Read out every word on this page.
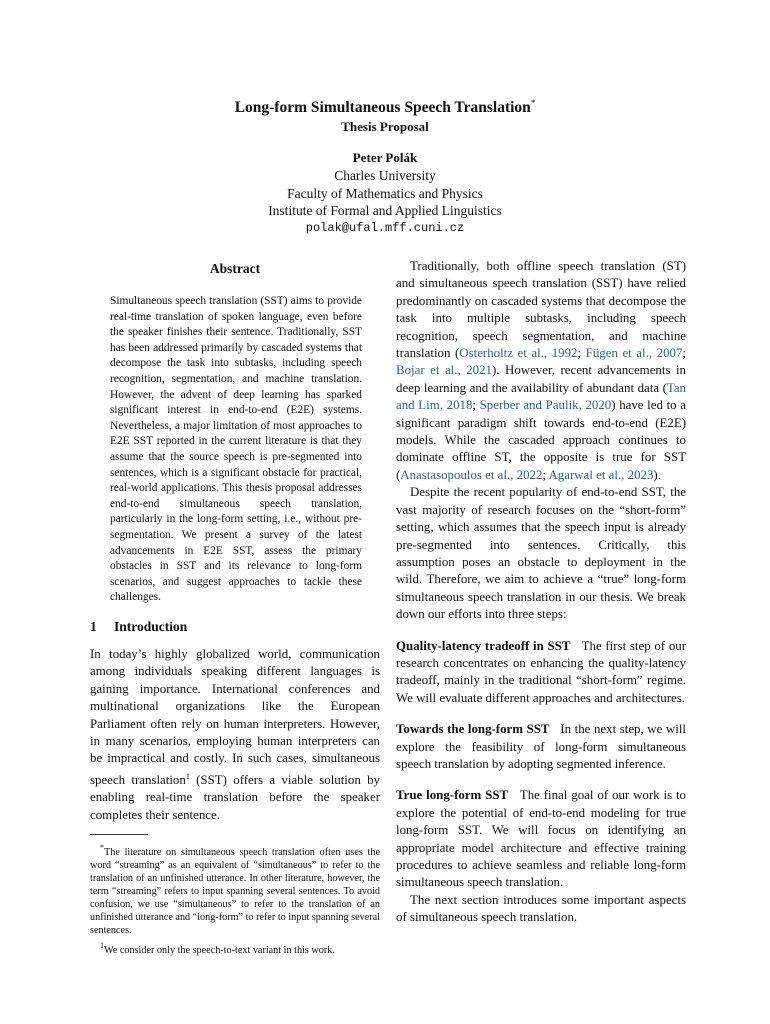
Long-form Simultaneous Speech Translation*
Thesis Proposal
Peter Polák
Charles University
Faculty of Mathematics and Physics
Institute of Formal and Applied Linguistics
polak@ufal.mff.cuni.cz
Abstract

Simultaneous speech translation (SST) aims to provide real-time translation of spoken language, even before the speaker finishes their sentence. Traditionally, SST has been addressed primarily by cascaded systems that decompose the task into subtasks, including speech recognition, segmentation, and machine translation. However, the advent of deep learning has sparked significant interest in end-to-end (E2E) systems. Nevertheless, a major limitation of most approaches to E2E SST reported in the current literature is that they assume that the source speech is pre-segmented into sentences, which is a significant obstacle for practical, real-world applications. This thesis proposal addresses end-to-end simultaneous speech translation, particularly in the long-form setting, i.e., without pre-segmentation. We present a survey of the latest advancements in E2E SST, assess the primary obstacles in SST and its relevance to long-form scenarios, and suggest approaches to tackle these challenges.

1 Introduction

In today’s highly globalized world, communication among individuals speaking different languages is gaining importance. International conferences and multinational organizations like the European Parliament often rely on human interpreters. However, in many scenarios, employing human interpreters can be impractical and costly. In such cases, simultaneous speech translation$^1$ (SST) offers a viable solution by enabling real-time translation before the speaker completes their sentence.

*The literature on simultaneous speech translation often uses the word “streaming” as an equivalent of “simultaneous” to refer to the translation of an unfinished utterance. In other literature, however, the term “streaming” refers to input spanning several sentences. To avoid confusion, we use “simultaneous” to refer to the translation of an unfinished utterance and “long-form” to refer to input spanning several sentences.

$^1$We consider only the speech-to-text variant in this work.

Traditionally, both offline speech translation (ST) and simultaneous speech translation (SST) have relied predominantly on cascaded systems that decompose the task into multiple subtasks, including speech recognition, speech segmentation, and machine translation (Osterholtz et al., 1992; Fügen et al., 2007; Bojar et al., 2021). However, recent advancements in deep learning and the availability of abundant data (Tan and Lim, 2018; Sperber and Paulik, 2020) have led to a significant paradigm shift towards end-to-end (E2E) models. While the cascaded approach continues to dominate offline ST, the opposite is true for SST (Anastasopoulos et al., 2022; Agarwal et al., 2023).

Despite the recent popularity of end-to-end SST, the vast majority of research focuses on the “short-form” setting, which assumes that the speech input is already pre-segmented into sentences. Critically, this assumption poses an obstacle to deployment in the wild. Therefore, we aim to achieve a “true” long-form simultaneous speech translation in our thesis. We break down our efforts into three steps:

Quality-latency tradeoff in SST The first step of our research concentrates on enhancing the quality-latency tradeoff, mainly in the traditional “short-form” regime. We will evaluate different approaches and architectures.

Towards the long-form SST In the next step, we will explore the feasibility of long-form simultaneous speech translation by adopting segmented inference.

True long-form SST The final goal of our work is to explore the potential of end-to-end modeling for true long-form SST. We will focus on identifying an appropriate model architecture and effective training procedures to achieve seamless and reliable long-form simultaneous speech translation.

The next section introduces some important aspects of simultaneous speech translation.
